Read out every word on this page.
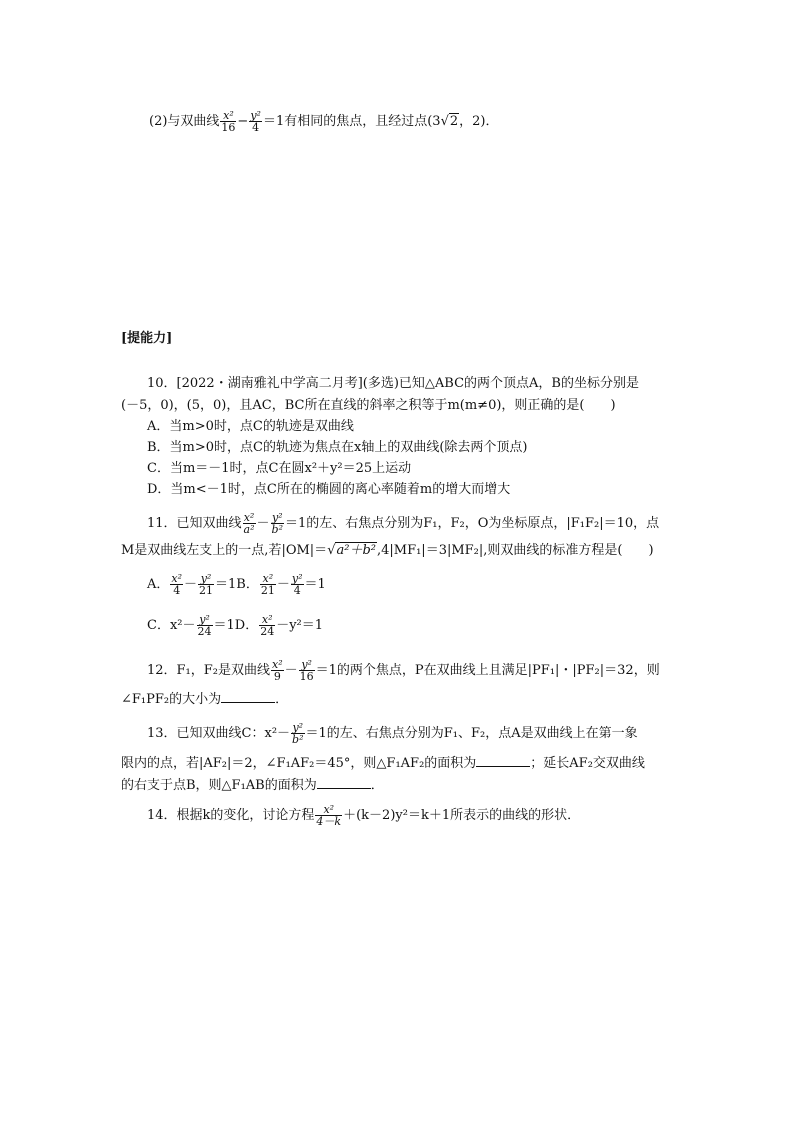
(2)与双曲线 $\frac{\text{x²}}{16} - \frac{\text{y²}}{4} =1$有相同的焦点，且经过点(3√2，2)．
[提能力]
10．[2022・湖南雅礼中学高二月考](多选)已知△ABC的两个顶点A，B的坐标分别是
(－5，0)，(5，0)，且AC，BC所在直线的斜率之积等于m(m≠0)，则正确的是(　　)
A．当m>0时，点C的轨迹是双曲线
B．当m>0时，点C的轨迹为焦点在x轴上的双曲线(除去两个顶点)
C．当m＝－1时，点C在圆x²＋y²＝25上运动
D．当m<－1时，点C所在的椭圆的离心率随着m的增大而增大
11．已知双曲线 $\frac{\text{x²}}{\text{a²}} - \frac{\text{y²}}{\text{b²}} =1$的左、右焦点分别为F₁，F₂，O为坐标原点，|F₁F₂|＝10，点
M是双曲线左支上的一点,若|OM|＝√a²＋b²,4|MF₁|＝3|MF₂|,则双曲线的标准方程是(　　)
A． $\frac{\text{x²}}{4} - \frac{\text{y²}}{21} =1B$． $\frac{\text{x²}}{21} - \frac{\text{y²}}{4} =1$
C．$x^2- \frac{\text{y²}}{24} =1D$． $\frac{\text{x²}}{24} -y^2=1$
12．F₁，F₂是双曲线 $\frac{\text{x²}}{9} - \frac{\text{y²}}{16} =1$的两个焦点，P在双曲线上且满足|PF₁|・|PF₂|＝32，则
∠F₁PF₂的大小为	．
13．已知双曲线C：$x^2- \frac{\text{y²}}{\text{b²}} =1$的左、右焦点分别为F₁、F₂，点A是双曲线上在第一象
限内的点，若|AF₂|＝2，∠F₁AF₂＝45°，则△F₁AF₂的面积为	；延长AF₂交双曲线
的右支于点B，则△F₁AB的面积为	．
14．根据k的变化，讨论方程 $\frac{\text{x²}}{4-k} +(k-2)y^2=k+1$所表示的曲线的形状．
